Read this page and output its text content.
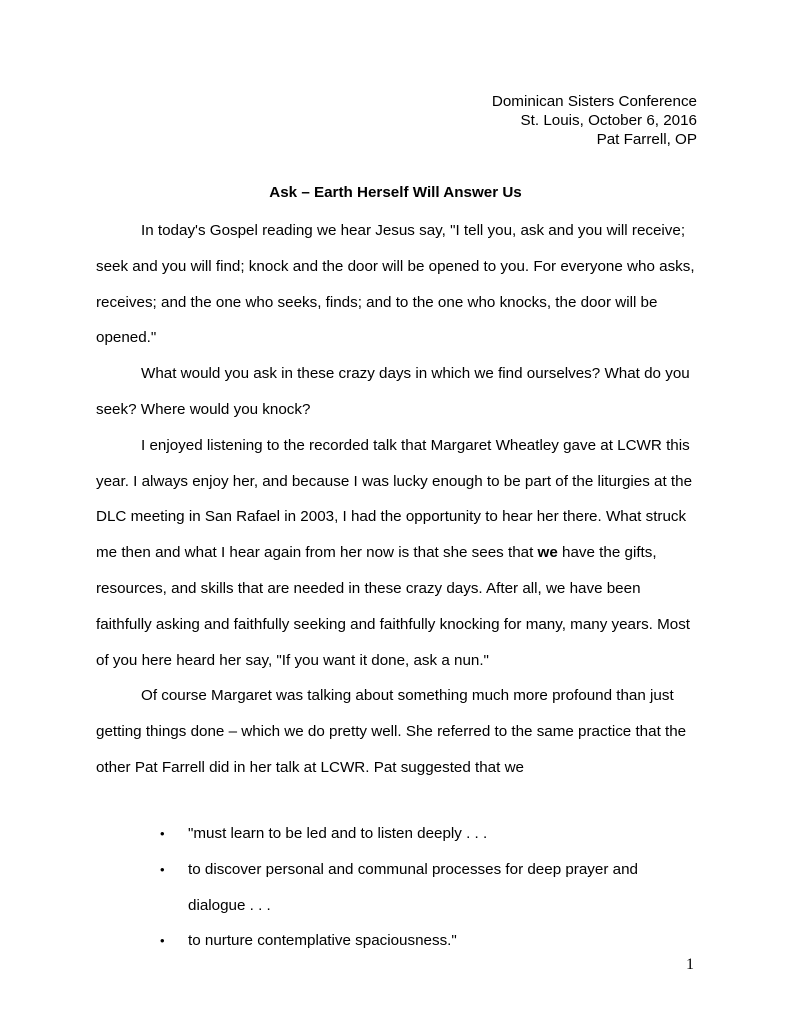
Dominican Sisters Conference
St. Louis, October 6, 2016
Pat Farrell, OP
Ask – Earth Herself Will Answer Us

In today's Gospel reading we hear Jesus say, "I tell you, ask and you will receive; seek and you will find; knock and the door will be opened to you. For everyone who asks, receives; and the one who seeks, finds; and to the one who knocks, the door will be opened."

What would you ask in these crazy days in which we find ourselves? What do you seek? Where would you knock?

I enjoyed listening to the recorded talk that Margaret Wheatley gave at LCWR this year. I always enjoy her, and because I was lucky enough to be part of the liturgies at the DLC meeting in San Rafael in 2003, I had the opportunity to hear her there. What struck me then and what I hear again from her now is that she sees that we have the gifts, resources, and skills that are needed in these crazy days. After all, we have been faithfully asking and faithfully seeking and faithfully knocking for many, many years. Most of you here heard her say, "If you want it done, ask a nun."

Of course Margaret was talking about something much more profound than just getting things done – which we do pretty well. She referred to the same practice that the other Pat Farrell did in her talk at LCWR. Pat suggested that we

• "must learn to be led and to listen deeply . . .
• to discover personal and communal processes for deep prayer and dialogue . . .
• to nurture contemplative spaciousness."
1
